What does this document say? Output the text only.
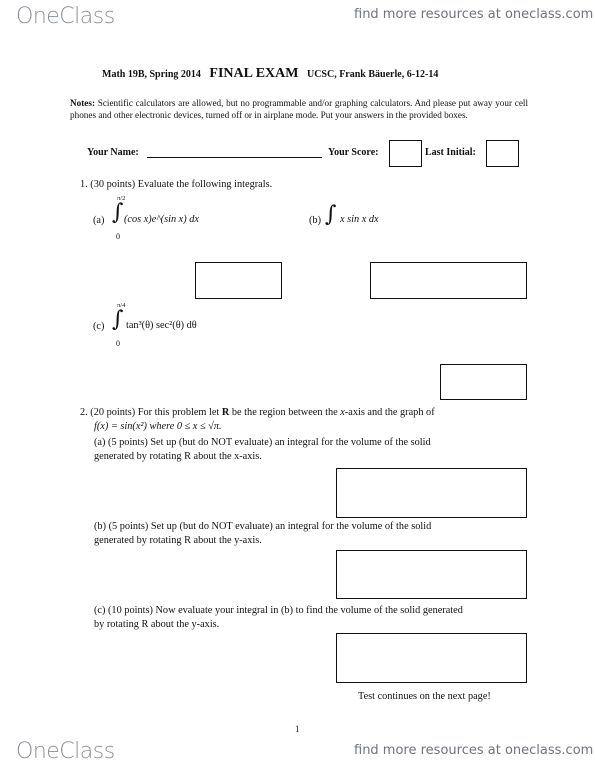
OneClass	find more resources at oneclass.com
Math 19B, Spring 2014 FINAL EXAM UCSC, Frank Bäuerle, 6-12-14
Notes: Scientific calculators are allowed, but no programmable and/or graphing calculators. And please put away your cell phones and other electronic devices, turned off or in airplane mode. Put your answers in the provided boxes.
Your Name:	Your Score:	Last Initial:
1. (30 points) Evaluate the following integrals.
(a)
π/2
∫
0
(cos x)e^(sin x) dx	(b) ∫ x sin x dx
(c)
π/4
∫
0
tan³(θ) sec²(θ) dθ
2. (20 points) For this problem let R be the region between the x-axis and the graph of
f(x) = sin(x²) where 0 ≤ x ≤ √π.
(a) (5 points) Set up (but do NOT evaluate) an integral for the volume of the solid
generated by rotating R about the x-axis.
(b) (5 points) Set up (but do NOT evaluate) an integral for the volume of the solid
generated by rotating R about the y-axis.
(c) (10 points) Now evaluate your integral in (b) to find the volume of the solid generated
by rotating R about the y-axis.
Test continues on the next page!
1
OneClass	find more resources at oneclass.com
